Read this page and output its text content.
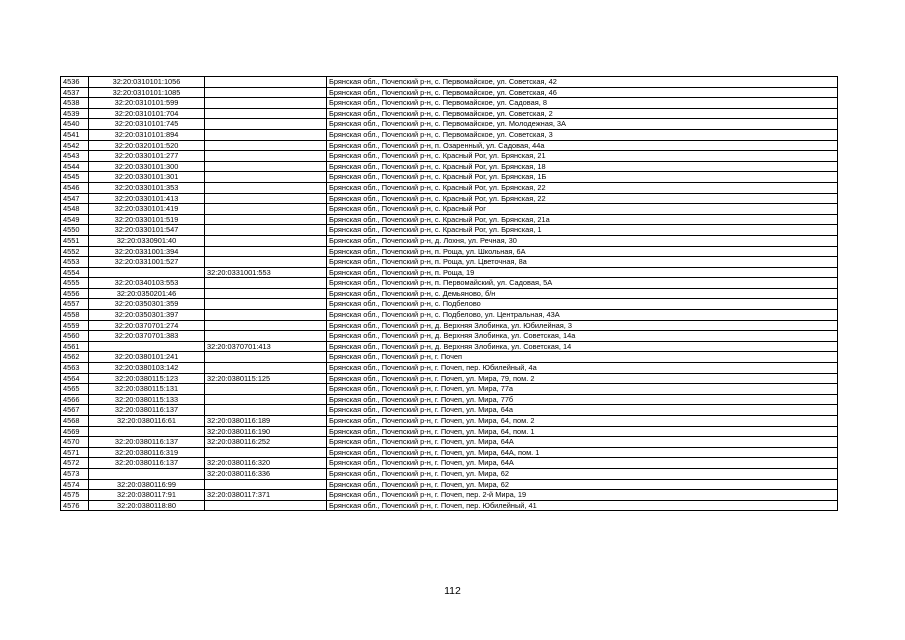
4536	32:20:0310101:1056		Брянская обл., Почепский р-н, с. Первомайское, ул. Советская, 42
4537	32:20:0310101:1085		Брянская обл., Почепский р-н, с. Первомайское, ул. Советская, 46
4538	32:20:0310101:599		Брянская обл., Почепский р-н, с. Первомайское, ул. Садовая, 8
4539	32:20:0310101:704		Брянская обл., Почепский р-н, с. Первомайское, ул. Советская, 2
4540	32:20:0310101:745		Брянская обл., Почепский р-н, с. Первомайское, ул. Молодежная, 3А
4541	32:20:0310101:894		Брянская обл., Почепский р-н, с. Первомайское, ул. Советская, 3
4542	32:20:0320101:520		Брянская обл., Почепский р-н, п. Озаренный, ул. Садовая, 44а
4543	32:20:0330101:277		Брянская обл., Почепский р-н, с. Красный Рог, ул. Брянская, 21
4544	32:20:0330101:300		Брянская обл., Почепский р-н, с. Красный Рог, ул. Брянская, 18
4545	32:20:0330101:301		Брянская обл., Почепский р-н, с. Красный Рог, ул. Брянская, 1Б
4546	32:20:0330101:353		Брянская обл., Почепский р-н, с. Красный Рог, ул. Брянская, 22
4547	32:20:0330101:413		Брянская обл., Почепский р-н, с. Красный Рог, ул. Брянская, 22
4548	32:20:0330101:419		Брянская обл., Почепский р-н, с. Красный Рог
4549	32:20:0330101:519		Брянская обл., Почепский р-н, с. Красный Рог, ул. Брянская, 21а
4550	32:20:0330101:547		Брянская обл., Почепский р-н, с. Красный Рог, ул. Брянская, 1
4551	32:20:0330901:40		Брянская обл., Почепский р-н, д. Лохня, ул. Речная, 30
4552	32:20:0331001:394		Брянская обл., Почепский р-н, п. Роща, ул. Школьная, 6А
4553	32:20:0331001:527		Брянская обл., Почепский р-н, п. Роща, ул. Цветочная, 8а
4554		32:20:0331001:553	Брянская обл., Почепский р-н, п. Роща, 19
4555	32:20:0340103:553		Брянская обл., Почепский р-н, п. Первомайский, ул. Садовая, 5А
4556	32:20:0350201:46		Брянская обл., Почепский р-н, с. Демьяново, б/н
4557	32:20:0350301:359		Брянская обл., Почепский р-н, с. Подбелово
4558	32:20:0350301:397		Брянская обл., Почепский р-н, с. Подбелово, ул. Центральная, 43А
4559	32:20:0370701:274		Брянская обл., Почепский р-н, д. Верхняя Злобинка, ул. Юбилейная, 3
4560	32:20:0370701:383		Брянская обл., Почепский р-н, д. Верхняя Злобинка, ул. Советская, 14а
4561		32:20:0370701:413	Брянская обл., Почепский р-н, д. Верхняя Злобинка, ул. Советская, 14
4562	32:20:0380101:241		Брянская обл., Почепский р-н, г. Почеп
4563	32:20:0380103:142		Брянская обл., Почепский р-н, г. Почеп, пер. Юбилейный, 4а
4564	32:20:0380115:123	32:20:0380115:125	Брянская обл., Почепский р-н, г. Почеп, ул. Мира, 79, пом. 2
4565	32:20:0380115:131		Брянская обл., Почепский р-н, г. Почеп, ул. Мира, 77а
4566	32:20:0380115:133		Брянская обл., Почепский р-н, г. Почеп, ул. Мира, 77б
4567	32:20:0380116:137		Брянская обл., Почепский р-н, г. Почеп, ул. Мира, 64а
4568	32:20:0380116:61	32:20:0380116:189	Брянская обл., Почепский р-н, г. Почеп, ул. Мира, 64, пом. 2
4569		32:20:0380116:190	Брянская обл., Почепский р-н, г. Почеп, ул. Мира, 64, пом. 1
4570	32:20:0380116:137	32:20:0380116:252	Брянская обл., Почепский р-н, г. Почеп, ул. Мира, 64А
4571	32:20:0380116:319		Брянская обл., Почепский р-н, г. Почеп, ул. Мира, 64А, пом. 1
4572	32:20:0380116:137	32:20:0380116:320	Брянская обл., Почепский р-н, г. Почеп, ул. Мира, 64А
4573		32:20:0380116:336	Брянская обл., Почепский р-н, г. Почеп, ул. Мира, 62
4574	32:20:0380116:99		Брянская обл., Почепский р-н, г. Почеп, ул. Мира, 62
4575	32:20:0380117:91	32:20:0380117:371	Брянская обл., Почепский р-н, г. Почеп, пер. 2-й Мира, 19
4576	32:20:0380118:80		Брянская обл., Почепский р-н, г. Почеп, пер. Юбилейный, 41
112
